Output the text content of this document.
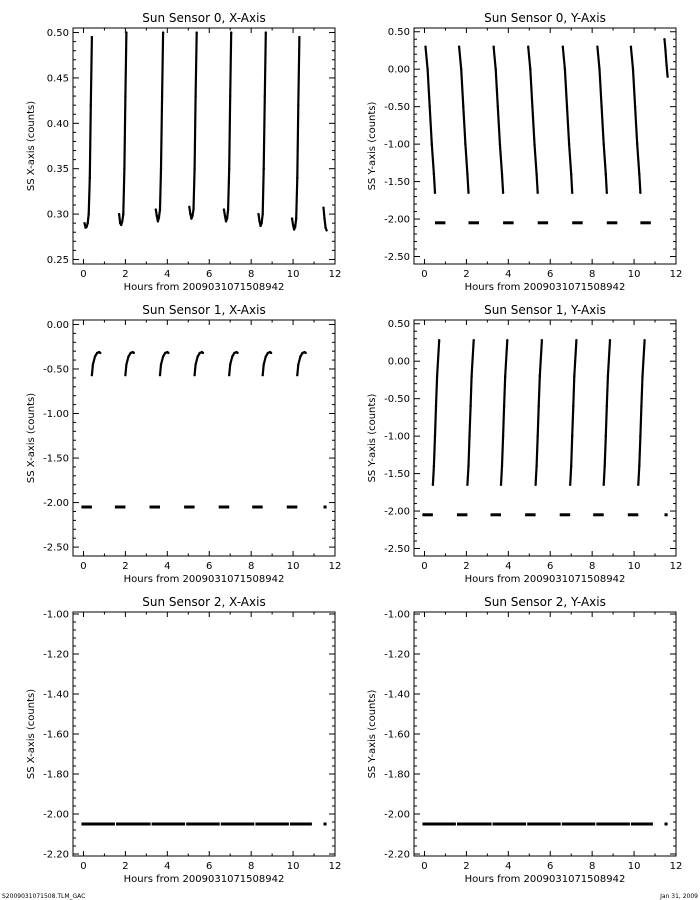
Sun Sensor 0, X-Axis
0	2	4	6	8	10	12
0.25
0.30
0.35
0.40
0.45
0.50
Hours from 2009031071508942
SS X-axis (counts)
Sun Sensor 0, Y-Axis
0	2	4	6	8	10	12
-2.50
-2.00
-1.50
-1.00
-0.50
0.00
0.50
Hours from 2009031071508942
SS Y-axis (counts)
Sun Sensor 1, X-Axis
0	2	4	6	8	10	12
-2.50
-2.00
-1.50
-1.00
-0.50
0.00
Hours from 2009031071508942
SS X-axis (counts)
Sun Sensor 1, Y-Axis
0	2	4	6	8	10	12
-2.50
-2.00
-1.50
-1.00
-0.50
0.00
0.50
Hours from 2009031071508942
SS Y-axis (counts)
Sun Sensor 2, X-Axis
0	2	4	6	8	10	12
-2.20
-2.00
-1.80
-1.60
-1.40
-1.20
-1.00
Hours from 2009031071508942
SS X-axis (counts)
Sun Sensor 2, Y-Axis
0	2	4	6	8	10	12
-2.20
-2.00
-1.80
-1.60
-1.40
-1.20
-1.00
Hours from 2009031071508942
SS Y-axis (counts)
S2009031071508.TLM_GAC	Jan 31, 2009
